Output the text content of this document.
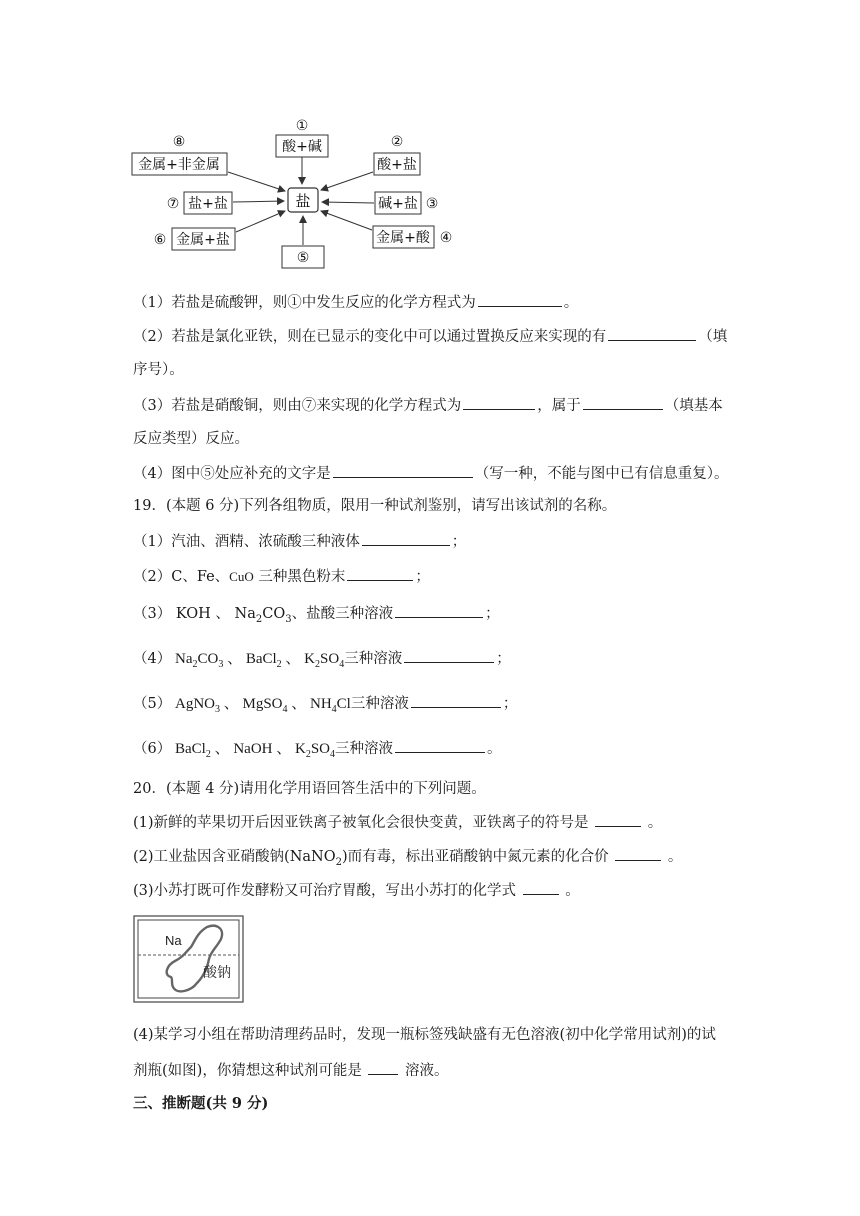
盐
①
酸+碱	②
酸+盐
碱+盐 ③
金属+酸 ④
⑤
⑥ 金属+盐
⑦ 盐+盐
⑧
金属+非金属
（1）若盐是硫酸钾，则①中发生反应的化学方程式为	。
（2）若盐是氯化亚铁，则在已显示的变化中可以通过置换反应来实现的有	（填
序号）。
（3）若盐是硝酸铜，则由⑦来实现的化学方程式为	，属于	（填基本
反应类型）反应。
（4）图中⑤处应补充的文字是	（写一种，不能与图中已有信息重复）。
19．(本题 6 分)下列各组物质，限用一种试剂鉴别，请写出该试剂的名称。
（1）汽油、酒精、浓硫酸三种液体	；
（2）C、Fe、CuO 三种黑色粉末	；
（3） KOH 、 $Na_2CO_3$、盐酸三种溶液	；
（4） $Na_2CO_3$ 、 BaCl$_2$ 、 $K_2SO_4$三种溶液	；
（5） AgNO$_3$ 、 MgSO$_4$ 、 $NH_4Cl$三种溶液	；
（6） BaCl$_2$ 、 NaOH 、 $K_2SO_4$三种溶液	。
20．(本题 4 分)请用化学用语回答生活中的下列问题。
(1)新鲜的苹果切开后因亚铁离子被氧化会很快变黄，亚铁离子的符号是	。
(2)工业盐因含亚硝酸钠(NaNO$_2$)而有毒，标出亚硝酸钠中氮元素的化合价	。
(3)小苏打既可作发酵粉又可治疗胃酸，写出小苏打的化学式	。
Na
酸钠
(4)某学习小组在帮助清理药品时，发现一瓶标签残缺盛有无色溶液(初中化学常用试剂)的试
剂瓶(如图)，你猜想这种试剂可能是	溶液。
三、推断题(共 9 分)
